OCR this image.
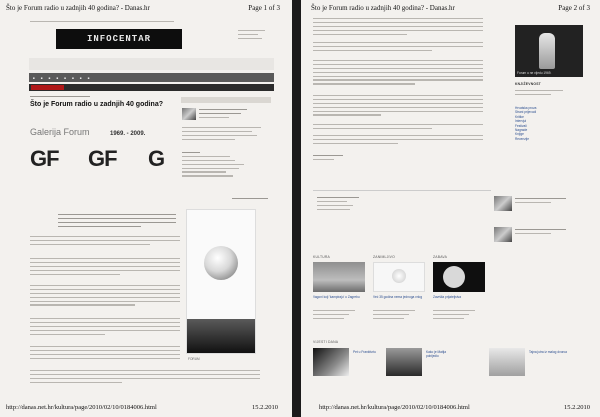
Što je Forum radio u zadnjih 40 godina? - Danas.hr	Page 1 of 3
INFOCENTAR
■ ■ ■ ■ ■ ■ ■ ■
Što je Forum radio u zadnjih 40 godina?
Galerija Forum	1969. - 2009.
GF GF G
FORUM
http://danas.net.hr/kultura/page/2010/02/10/0184006.html	15.2.2010
Što je Forum radio u zadnjih 40 godina? - Danas.hr	Page 2 of 3
Forum u ne vijedu 1969.
KNJIŽEVNOST
Hrvatska proza
Strani prijevodi
Kritike
Intervjui
Festivali
Nagrade
Knjige
Recenzije
KULTURA	ZANIMLJIVO	ZABAVA
Vagoni koji 'kampiraju' u Zagrebu	Već 35 godina nema jednoga vrlog	Završila prijateljstva
VIJESTI DANA
Pet u Frankfurtu	Kako je Matija pobijedio
Tajna jutra iz malog dvorca
http://danas.net.hr/kultura/page/2010/02/10/0184006.html	15.2.2010
